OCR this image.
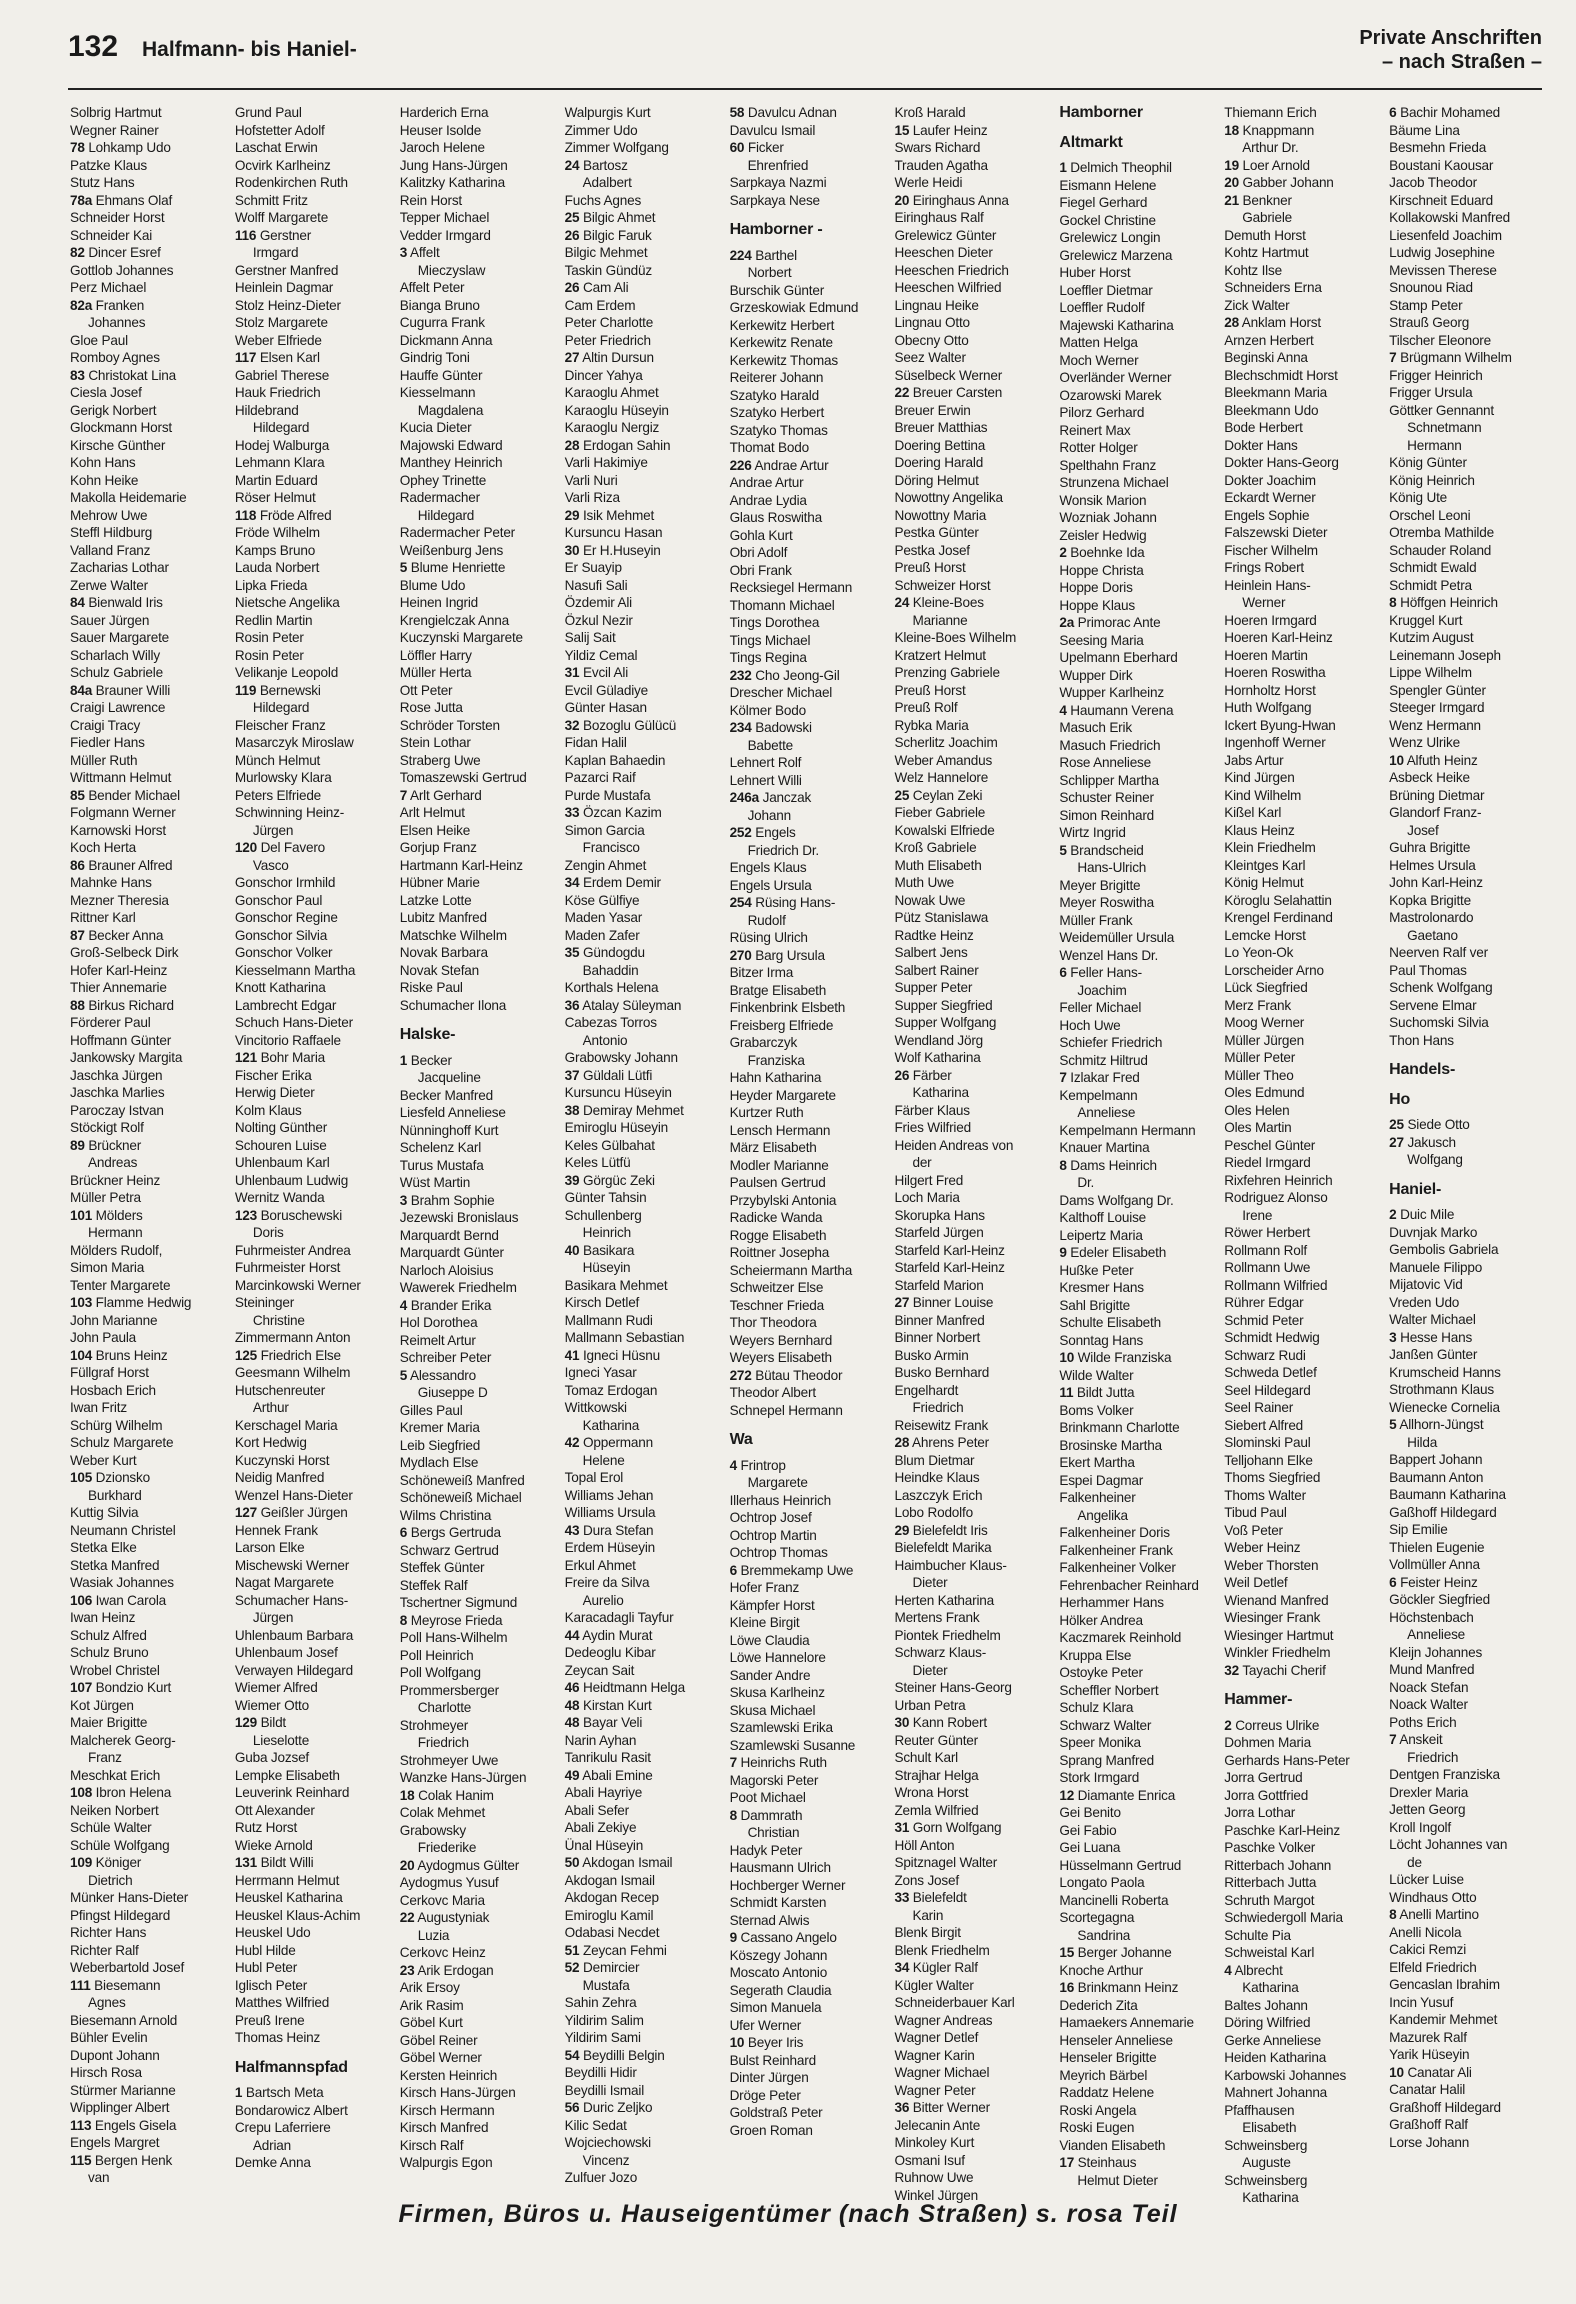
132 Halfmann- bis Haniel-	Private Anschriften
– nach Straßen –
Solbrig Hartmut
Wegner Rainer
78 Lohkamp Udo
Patzke Klaus
Stutz Hans
78a Ehmans Olaf
Schneider Horst
Schneider Kai
82 Dincer Esref
Gottlob Johannes
Perz Michael
82a Franken
Johannes
Gloe Paul
Romboy Agnes
83 Christokat Lina
Ciesla Josef
Gerigk Norbert
Glockmann Horst
Kirsche Günther
Kohn Hans
Kohn Heike
Makolla Heidemarie
Mehrow Uwe
Steffl Hildburg
Valland Franz
Zacharias Lothar
Zerwe Walter
84 Bienwald Iris
Sauer Jürgen
Sauer Margarete
Scharlach Willy
Schulz Gabriele
84a Brauner Willi
Craigi Lawrence
Craigi Tracy
Fiedler Hans
Müller Ruth
Wittmann Helmut
85 Bender Michael
Folgmann Werner
Karnowski Horst
Koch Herta
86 Brauner Alfred
Mahnke Hans
Mezner Theresia
Rittner Karl
87 Becker Anna
Groß-Selbeck Dirk
Hofer Karl-Heinz
Thier Annemarie
88 Birkus Richard
Förderer Paul
Hoffmann Günter
Jankowsky Margita
Jaschka Jürgen
Jaschka Marlies
Paroczay Istvan
Stöckigt Rolf
89 Brückner
Andreas
Brückner Heinz
Müller Petra
101 Mölders
Hermann
Mölders Rudolf,
Simon Maria
Tenter Margarete
103 Flamme Hedwig
John Marianne
John Paula
104 Bruns Heinz
Füllgraf Horst
Hosbach Erich
Iwan Fritz
Schürg Wilhelm
Schulz Margarete
Weber Kurt
105 Dzionsko
Burkhard
Kuttig Silvia
Neumann Christel
Stetka Elke
Stetka Manfred
Wasiak Johannes
106 Iwan Carola
Iwan Heinz
Schulz Alfred
Schulz Bruno
Wrobel Christel
107 Bondzio Kurt
Kot Jürgen
Maier Brigitte
Malcherek Georg-
Franz
Meschkat Erich
108 Ibron Helena
Neiken Norbert
Schüle Walter
Schüle Wolfgang
109 Königer
Dietrich
Münker Hans-Dieter
Pfingst Hildegard
Richter Hans
Richter Ralf
Weberbartold Josef
111 Biesemann
Agnes
Biesemann Arnold
Bühler Evelin
Dupont Johann
Hirsch Rosa
Stürmer Marianne
Wipplinger Albert
113 Engels Gisela
Engels Margret
115 Bergen Henk
van
Grund Paul
Hofstetter Adolf
Laschat Erwin
Ocvirk Karlheinz
Rodenkirchen Ruth
Schmitt Fritz
Wolff Margarete
116 Gerstner
Irmgard
Gerstner Manfred
Heinlein Dagmar
Stolz Heinz-Dieter
Stolz Margarete
Weber Elfriede
117 Elsen Karl
Gabriel Therese
Hauk Friedrich
Hildebrand
Hildegard
Hodej Walburga
Lehmann Klara
Martin Eduard
Röser Helmut
118 Fröde Alfred
Fröde Wilhelm
Kamps Bruno
Lauda Norbert
Lipka Frieda
Nietsche Angelika
Redlin Martin
Rosin Peter
Rosin Peter
Velikanje Leopold
119 Bernewski
Hildegard
Fleischer Franz
Masarczyk Miroslaw
Münch Helmut
Murlowsky Klara
Peters Elfriede
Schwinning Heinz-
Jürgen
120 Del Favero
Vasco
Gonschor Irmhild
Gonschor Paul
Gonschor Regine
Gonschor Silvia
Gonschor Volker
Kiesselmann Martha
Knott Katharina
Lambrecht Edgar
Schuch Hans-Dieter
Vincitorio Raffaele
121 Bohr Maria
Fischer Erika
Herwig Dieter
Kolm Klaus
Nolting Günther
Schouren Luise
Uhlenbaum Karl
Uhlenbaum Ludwig
Wernitz Wanda
123 Boruschewski
Doris
Fuhrmeister Andrea
Fuhrmeister Horst
Marcinkowski Werner
Steininger
Christine
Zimmermann Anton
125 Friedrich Else
Geesmann Wilhelm
Hutschenreuter
Arthur
Kerschagel Maria
Kort Hedwig
Kuczynski Horst
Neidig Manfred
Wenzel Hans-Dieter
127 Geißler Jürgen
Hennek Frank
Larson Elke
Mischewski Werner
Nagat Margarete
Schumacher Hans-
Jürgen
Uhlenbaum Barbara
Uhlenbaum Josef
Verwayen Hildegard
Wiemer Alfred
Wiemer Otto
129 Bildt
Lieselotte
Guba Jozsef
Lempke Elisabeth
Leuverink Reinhard
Ott Alexander
Rutz Horst
Wieke Arnold
131 Bildt Willi
Herrmann Helmut
Heuskel Katharina
Heuskel Klaus-Achim
Heuskel Udo
Hubl Hilde
Hubl Peter
Iglisch Peter
Matthes Wilfried
Preuß Irene
Thomas Heinz
Halfmannspfad
1 Bartsch Meta
Bondarowicz Albert
Crepu Laferriere
Adrian
Demke Anna
Harderich Erna
Heuser Isolde
Jaroch Helene
Jung Hans-Jürgen
Kalitzky Katharina
Rein Horst
Tepper Michael
Vedder Irmgard
3 Affelt
Mieczyslaw
Affelt Peter
Bianga Bruno
Cugurra Frank
Dickmann Anna
Gindrig Toni
Hauffe Günter
Kiesselmann
Magdalena
Kucia Dieter
Majowski Edward
Manthey Heinrich
Ophey Trinette
Radermacher
Hildegard
Radermacher Peter
Weißenburg Jens
5 Blume Henriette
Blume Udo
Heinen Ingrid
Krengielczak Anna
Kuczynski Margarete
Löffler Harry
Müller Herta
Ott Peter
Rose Jutta
Schröder Torsten
Stein Lothar
Straberg Uwe
Tomaszewski Gertrud
7 Arlt Gerhard
Arlt Helmut
Elsen Heike
Gorjup Franz
Hartmann Karl-Heinz
Hübner Marie
Latzke Lotte
Lubitz Manfred
Matschke Wilhelm
Novak Barbara
Novak Stefan
Riske Paul
Schumacher Ilona
Halske-
1 Becker
Jacqueline
Becker Manfred
Liesfeld Anneliese
Nünninghoff Kurt
Schelenz Karl
Turus Mustafa
Wüst Martin
3 Brahm Sophie
Jezewski Bronislaus
Marquardt Bernd
Marquardt Günter
Narloch Aloisius
Wawerek Friedhelm
4 Brander Erika
Hol Dorothea
Reimelt Artur
Schreiber Peter
5 Alessandro
Giuseppe D
Gilles Paul
Kremer Maria
Leib Siegfried
Mydlach Else
Schöneweiß Manfred
Schöneweiß Michael
Wilms Christina
6 Bergs Gertruda
Schwarz Gertrud
Steffek Günter
Steffek Ralf
Tschertner Sigmund
8 Meyrose Frieda
Poll Hans-Wilhelm
Poll Heinrich
Poll Wolfgang
Prommersberger
Charlotte
Strohmeyer
Friedrich
Strohmeyer Uwe
Wanzke Hans-Jürgen
18 Colak Hanim
Colak Mehmet
Grabowsky
Friederike
20 Aydogmus Gülter
Aydogmus Yusuf
Cerkovc Maria
22 Augustyniak
Luzia
Cerkovc Heinz
23 Arik Erdogan
Arik Ersoy
Arik Rasim
Göbel Kurt
Göbel Reiner
Göbel Werner
Kersten Heinrich
Kirsch Hans-Jürgen
Kirsch Hermann
Kirsch Manfred
Kirsch Ralf
Walpurgis Egon
Walpurgis Kurt
Zimmer Udo
Zimmer Wolfgang
24 Bartosz
Adalbert
Fuchs Agnes
25 Bilgic Ahmet
26 Bilgic Faruk
Bilgic Mehmet
Taskin Gündüz
26 Cam Ali
Cam Erdem
Peter Charlotte
Peter Friedrich
27 Altin Dursun
Dincer Yahya
Karaoglu Ahmet
Karaoglu Hüseyin
Karaoglu Nergiz
28 Erdogan Sahin
Varli Hakimiye
Varli Nuri
Varli Riza
29 Isik Mehmet
Kursuncu Hasan
30 Er H.Huseyin
Er Suayip
Nasufi Sali
Özdemir Ali
Özkul Nezir
Salij Sait
Yildiz Cemal
31 Evcil Ali
Evcil Güladiye
Günter Hasan
32 Bozoglu Gülücü
Fidan Halil
Kaplan Bahaedin
Pazarci Raif
Purde Mustafa
33 Özcan Kazim
Simon Garcia
Francisco
Zengin Ahmet
34 Erdem Demir
Köse Gülfiye
Maden Yasar
Maden Zafer
35 Gündogdu
Bahaddin
Korthals Helena
36 Atalay Süleyman
Cabezas Torros
Antonio
Grabowsky Johann
37 Güldali Lütfi
Kursuncu Hüseyin
38 Demiray Mehmet
Emiroglu Hüseyin
Keles Gülbahat
Keles Lütfü
39 Görgüc Zeki
Günter Tahsin
Schullenberg
Heinrich
40 Basikara
Hüseyin
Basikara Mehmet
Kirsch Detlef
Mallmann Rudi
Mallmann Sebastian
41 Igneci Hüsnu
Igneci Yasar
Tomaz Erdogan
Wittkowski
Katharina
42 Oppermann
Helene
Topal Erol
Williams Jehan
Williams Ursula
43 Dura Stefan
Erdem Hüseyin
Erkul Ahmet
Freire da Silva
Aurelio
Karacadagli Tayfur
44 Aydin Murat
Dedeoglu Kibar
Zeycan Sait
46 Heidtmann Helga
48 Kirstan Kurt
48 Bayar Veli
Narin Ayhan
Tanrikulu Rasit
49 Abali Emine
Abali Hayriye
Abali Sefer
Abali Zekiye
Ünal Hüseyin
50 Akdogan Ismail
Akdogan Ismail
Akdogan Recep
Emiroglu Kamil
Odabasi Necdet
51 Zeycan Fehmi
52 Demircier
Mustafa
Sahin Zehra
Yildirim Salim
Yildirim Sami
54 Beydilli Belgin
Beydilli Hidir
Beydilli Ismail
56 Duric Zeljko
Kilic Sedat
Wojciechowski
Vincenz
Zulfuer Jozo
58 Davulcu Adnan
Davulcu Ismail
60 Ficker
Ehrenfried
Sarpkaya Nazmi
Sarpkaya Nese
Hamborner -
224 Barthel
Norbert
Burschik Günter
Grzeskowiak Edmund
Kerkewitz Herbert
Kerkewitz Renate
Kerkewitz Thomas
Reiterer Johann
Szatyko Harald
Szatyko Herbert
Szatyko Thomas
Thomat Bodo
226 Andrae Artur
Andrae Artur
Andrae Lydia
Glaus Roswitha
Gohla Kurt
Obri Adolf
Obri Frank
Recksiegel Hermann
Thomann Michael
Tings Dorothea
Tings Michael
Tings Regina
232 Cho Jeong-Gil
Drescher Michael
Kölmer Bodo
234 Badowski
Babette
Lehnert Rolf
Lehnert Willi
246a Janczak
Johann
252 Engels
Friedrich Dr.
Engels Klaus
Engels Ursula
254 Rüsing Hans-
Rudolf
Rüsing Ulrich
270 Barg Ursula
Bitzer Irma
Bratge Elisabeth
Finkenbrink Elsbeth
Freisberg Elfriede
Grabarczyk
Franziska
Hahn Katharina
Heyder Margarete
Kurtzer Ruth
Lensch Hermann
März Elisabeth
Modler Marianne
Paulsen Gertrud
Przybylski Antonia
Radicke Wanda
Rogge Elisabeth
Roittner Josepha
Scheiermann Martha
Schweitzer Else
Teschner Frieda
Thor Theodora
Weyers Bernhard
Weyers Elisabeth
272 Bütau Theodor
Theodor Albert
Schnepel Hermann
Wa
4 Frintrop
Margarete
Illerhaus Heinrich
Ochtrop Josef
Ochtrop Martin
Ochtrop Thomas
6 Bremmekamp Uwe
Hofer Franz
Kämpfer Horst
Kleine Birgit
Löwe Claudia
Löwe Hannelore
Sander Andre
Skusa Karlheinz
Skusa Michael
Szamlewski Erika
Szamlewski Susanne
7 Heinrichs Ruth
Magorski Peter
Poot Michael
8 Dammrath
Christian
Hadyk Peter
Hausmann Ulrich
Hochberger Werner
Schmidt Karsten
Sternad Alwis
9 Cassano Angelo
Köszegy Johann
Moscato Antonio
Segerath Claudia
Simon Manuela
Ufer Werner
10 Beyer Iris
Bulst Reinhard
Dinter Jürgen
Dröge Peter
Goldstraß Peter
Groen Roman
Kroß Harald
15 Laufer Heinz
Swars Richard
Trauden Agatha
Werle Heidi
20 Eiringhaus Anna
Eiringhaus Ralf
Grelewicz Günter
Heeschen Dieter
Heeschen Friedrich
Heeschen Wilfried
Lingnau Heike
Lingnau Otto
Obecny Otto
Seez Walter
Süselbeck Werner
22 Breuer Carsten
Breuer Erwin
Breuer Matthias
Doering Bettina
Doering Harald
Döring Helmut
Nowottny Angelika
Nowottny Maria
Pestka Günter
Pestka Josef
Preuß Horst
Schweizer Horst
24 Kleine-Boes
Marianne
Kleine-Boes Wilhelm
Kratzert Helmut
Prenzing Gabriele
Preuß Horst
Preuß Rolf
Rybka Maria
Scherlitz Joachim
Weber Amandus
Welz Hannelore
25 Ceylan Zeki
Fieber Gabriele
Kowalski Elfriede
Kroß Gabriele
Muth Elisabeth
Muth Uwe
Nowak Uwe
Pütz Stanislawa
Radtke Heinz
Salbert Jens
Salbert Rainer
Supper Peter
Supper Siegfried
Supper Wolfgang
Wendland Jörg
Wolf Katharina
26 Färber
Katharina
Färber Klaus
Fries Wilfried
Heiden Andreas von
der
Hilgert Fred
Loch Maria
Skorupka Hans
Starfeld Jürgen
Starfeld Karl-Heinz
Starfeld Karl-Heinz
Starfeld Marion
27 Binner Louise
Binner Manfred
Binner Norbert
Busko Armin
Busko Bernhard
Engelhardt
Friedrich
Reisewitz Frank
28 Ahrens Peter
Blum Dietmar
Heindke Klaus
Laszczyk Erich
Lobo Rodolfo
29 Bielefeldt Iris
Bielefeldt Marika
Haimbucher Klaus-
Dieter
Herten Katharina
Mertens Frank
Piontek Friedhelm
Schwarz Klaus-
Dieter
Steiner Hans-Georg
Urban Petra
30 Kann Robert
Reuter Günter
Schult Karl
Strajhar Helga
Wrona Horst
Zemla Wilfried
31 Gorn Wolfgang
Höll Anton
Spitznagel Walter
Zons Josef
33 Bielefeldt
Karin
Blenk Birgit
Blenk Friedhelm
34 Kügler Ralf
Kügler Walter
Schneiderbauer Karl
Wagner Andreas
Wagner Detlef
Wagner Karin
Wagner Michael
Wagner Peter
36 Bitter Werner
Jelecanin Ante
Minkoley Kurt
Osmani Isuf
Ruhnow Uwe
Winkel Jürgen
Hamborner
Altmarkt
1 Delmich Theophil
Eismann Helene
Fiegel Gerhard
Gockel Christine
Grelewicz Longin
Grelewicz Marzena
Huber Horst
Loeffler Dietmar
Loeffler Rudolf
Majewski Katharina
Matten Helga
Moch Werner
Overländer Werner
Ozarowski Marek
Pilorz Gerhard
Reinert Max
Rotter Holger
Spelthahn Franz
Strunzena Michael
Wonsik Marion
Wozniak Johann
Zeisler Hedwig
2 Boehnke Ida
Hoppe Christa
Hoppe Doris
Hoppe Klaus
2a Primorac Ante
Seesing Maria
Upelmann Eberhard
Wupper Dirk
Wupper Karlheinz
4 Haumann Verena
Masuch Erik
Masuch Friedrich
Rose Anneliese
Schlipper Martha
Schuster Reiner
Simon Reinhard
Wirtz Ingrid
5 Brandscheid
Hans-Ulrich
Meyer Brigitte
Meyer Roswitha
Müller Frank
Weidemüller Ursula
Wenzel Hans Dr.
6 Feller Hans-
Joachim
Feller Michael
Hoch Uwe
Schiefer Friedrich
Schmitz Hiltrud
7 Izlakar Fred
Kempelmann
Anneliese
Kempelmann Hermann
Knauer Martina
8 Dams Heinrich
Dr.
Dams Wolfgang Dr.
Kalthoff Louise
Leipertz Maria
9 Edeler Elisabeth
Hußke Peter
Kresmer Hans
Sahl Brigitte
Schulte Elisabeth
Sonntag Hans
10 Wilde Franziska
Wilde Walter
11 Bildt Jutta
Boms Volker
Brinkmann Charlotte
Brosinske Martha
Ekert Martha
Espei Dagmar
Falkenheiner
Angelika
Falkenheiner Doris
Falkenheiner Frank
Falkenheiner Volker
Fehrenbacher Reinhard
Herhammer Hans
Hölker Andrea
Kaczmarek Reinhold
Kruppa Else
Ostoyke Peter
Scheffler Norbert
Schulz Klara
Schwarz Walter
Speer Monika
Sprang Manfred
Stork Irmgard
12 Diamante Enrica
Gei Benito
Gei Fabio
Gei Luana
Hüsselmann Gertrud
Longato Paola
Mancinelli Roberta
Scortegagna
Sandrina
15 Berger Johanne
Knoche Arthur
16 Brinkmann Heinz
Dederich Zita
Hamaekers Annemarie
Henseler Anneliese
Henseler Brigitte
Meyrich Bärbel
Raddatz Helene
Roski Angela
Roski Eugen
Vianden Elisabeth
17 Steinhaus
Helmut Dieter
Thiemann Erich
18 Knappmann
Arthur Dr.
19 Loer Arnold
20 Gabber Johann
21 Benkner
Gabriele
Demuth Horst
Kohtz Hartmut
Kohtz Ilse
Schneiders Erna
Zick Walter
28 Anklam Horst
Arnzen Herbert
Beginski Anna
Blechschmidt Horst
Bleekmann Maria
Bleekmann Udo
Bode Herbert
Dokter Hans
Dokter Hans-Georg
Dokter Joachim
Eckardt Werner
Engels Sophie
Falszewski Dieter
Fischer Wilhelm
Frings Robert
Heinlein Hans-
Werner
Hoeren Irmgard
Hoeren Karl-Heinz
Hoeren Martin
Hoeren Roswitha
Hornholtz Horst
Huth Wolfgang
Ickert Byung-Hwan
Ingenhoff Werner
Jabs Artur
Kind Jürgen
Kind Wilhelm
Kißel Karl
Klaus Heinz
Klein Friedhelm
Kleintges Karl
König Helmut
Köroglu Selahattin
Krengel Ferdinand
Lemcke Horst
Lo Yeon-Ok
Lorscheider Arno
Lück Siegfried
Merz Frank
Moog Werner
Müller Jürgen
Müller Peter
Müller Theo
Oles Edmund
Oles Helen
Oles Martin
Peschel Günter
Riedel Irmgard
Rixfehren Heinrich
Rodriguez Alonso
Irene
Röwer Herbert
Rollmann Rolf
Rollmann Uwe
Rollmann Wilfried
Rührer Edgar
Schmid Peter
Schmidt Hedwig
Schwarz Rudi
Schweda Detlef
Seel Hildegard
Seel Rainer
Siebert Alfred
Slominski Paul
Telljohann Elke
Thoms Siegfried
Thoms Walter
Tibud Paul
Voß Peter
Weber Heinz
Weber Thorsten
Weil Detlef
Wienand Manfred
Wiesinger Frank
Wiesinger Hartmut
Winkler Friedhelm
32 Tayachi Cherif
Hammer-
2 Correus Ulrike
Dohmen Maria
Gerhards Hans-Peter
Jorra Gertrud
Jorra Gottfried
Jorra Lothar
Paschke Karl-Heinz
Paschke Volker
Ritterbach Johann
Ritterbach Jutta
Schruth Margot
Schwiedergoll Maria
Schulte Pia
Schweistal Karl
4 Albrecht
Katharina
Baltes Johann
Döring Wilfried
Gerke Anneliese
Heiden Katharina
Karbowski Johannes
Mahnert Johanna
Pfaffhausen
Elisabeth
Schweinsberg
Auguste
Schweinsberg
Katharina
6 Bachir Mohamed
Bäume Lina
Besmehn Frieda
Boustani Kaousar
Jacob Theodor
Kirschneit Eduard
Kollakowski Manfred
Liesenfeld Joachim
Ludwig Josephine
Mevissen Therese
Snounou Riad
Stamp Peter
Strauß Georg
Tilscher Eleonore
7 Brügmann Wilhelm
Frigger Heinrich
Frigger Ursula
Göttker Gennannt
Schnetmann
Hermann
König Günter
König Heinrich
König Ute
Orschel Leoni
Otremba Mathilde
Schauder Roland
Schmidt Ewald
Schmidt Petra
8 Höffgen Heinrich
Kruggel Kurt
Kutzim August
Leinemann Joseph
Lippe Wilhelm
Spengler Günter
Steeger Irmgard
Wenz Hermann
Wenz Ulrike
10 Alfuth Heinz
Asbeck Heike
Brüning Dietmar
Glandorf Franz-
Josef
Guhra Brigitte
Helmes Ursula
John Karl-Heinz
Kopka Brigitte
Mastrolonardo
Gaetano
Neerven Ralf ver
Paul Thomas
Schenk Wolfgang
Servene Elmar
Suchomski Silvia
Thon Hans
Handels-
Ho
25 Siede Otto
27 Jakusch
Wolfgang
Haniel-
2 Duic Mile
Duvnjak Marko
Gembolis Gabriela
Manuele Filippo
Mijatovic Vid
Vreden Udo
Walter Michael
3 Hesse Hans
Janßen Günter
Krumscheid Hanns
Strothmann Klaus
Wienecke Cornelia
5 Allhorn-Jüngst
Hilda
Bappert Johann
Baumann Anton
Baumann Katharina
Gaßhoff Hildegard
Sip Emilie
Thielen Eugenie
Vollmüller Anna
6 Feister Heinz
Göckler Siegfried
Höchstenbach
Anneliese
Kleijn Johannes
Mund Manfred
Noack Stefan
Noack Walter
Poths Erich
7 Anskeit
Friedrich
Dentgen Franziska
Drexler Maria
Jetten Georg
Kroll Ingolf
Löcht Johannes van
de
Lücker Luise
Windhaus Otto
8 Anelli Martino
Anelli Nicola
Cakici Remzi
Elfeld Friedrich
Gencaslan Ibrahim
Incin Yusuf
Kandemir Mehmet
Mazurek Ralf
Yarik Hüseyin
10 Canatar Ali
Canatar Halil
Graßhoff Hildegard
Graßhoff Ralf
Lorse Johann
Firmen, Büros u. Hauseigentümer (nach Straßen) s. rosa Teil
